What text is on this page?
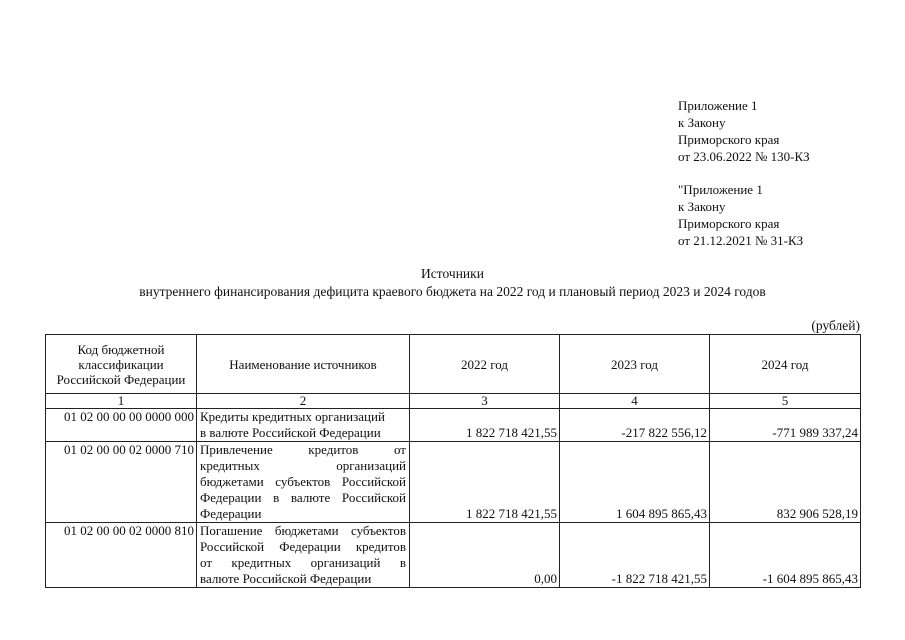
Приложение 1
к Закону
Приморского края
от 23.06.2022 № 130-КЗ
"Приложение 1
к Закону
Приморского края
от 21.12.2021 № 31-КЗ
Источники
внутреннего финансирования дефицита краевого бюджета на 2022 год и плановый период 2023 и 2024 годов
(рублей)
Код бюджетной
классификации
Российской Федерации	Наименование источников	2022 год	2023 год	2024 год
1	2	3	4	5
01 02 00 00 00 0000 000	Кредиты кредитных организаций
в валюте Российской Федерации	1 822 718 421,55	-217 822 556,12	-771 989 337,24
01 02 00 00 02 0000 710	Привлечение кредитов от
кредитных организаций
бюджетами субъектов Российской
Федерации в валюте Российской
Федерации	1 822 718 421,55	1 604 895 865,43	832 906 528,19
01 02 00 00 02 0000 810	Погашение бюджетами субъектов
Российской Федерации кредитов
от кредитных организаций в
валюте Российской Федерации	0,00	-1 822 718 421,55	-1 604 895 865,43
